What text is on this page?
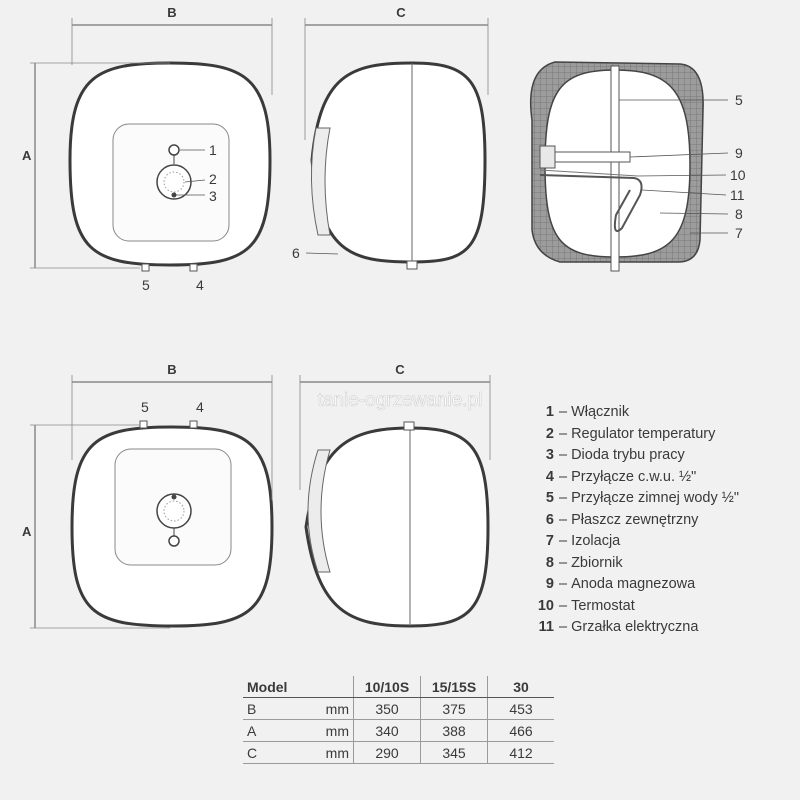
B
A	1
2
3
5	4
C
6
5
9
10
11
8
7
B
A
5	4
C
tanie-ogrzewanie.pl
1 – Włącznik
2 – Regulator temperatury
3 – Dioda trybu pracy
4 – Przyłącze c.w.u. ½"
5 – Przyłącze zimnej wody ½"
6 – Płaszcz zewnętrzny
7 – Izolacja
8 – Zbiornik
9 – Anoda magnezowa
10 – Termostat
11 – Grzałka elektryczna
Model		10/10S	15/15S	30
B	mm	350	375	453
A	mm	340	388	466
C	mm	290	345	412
